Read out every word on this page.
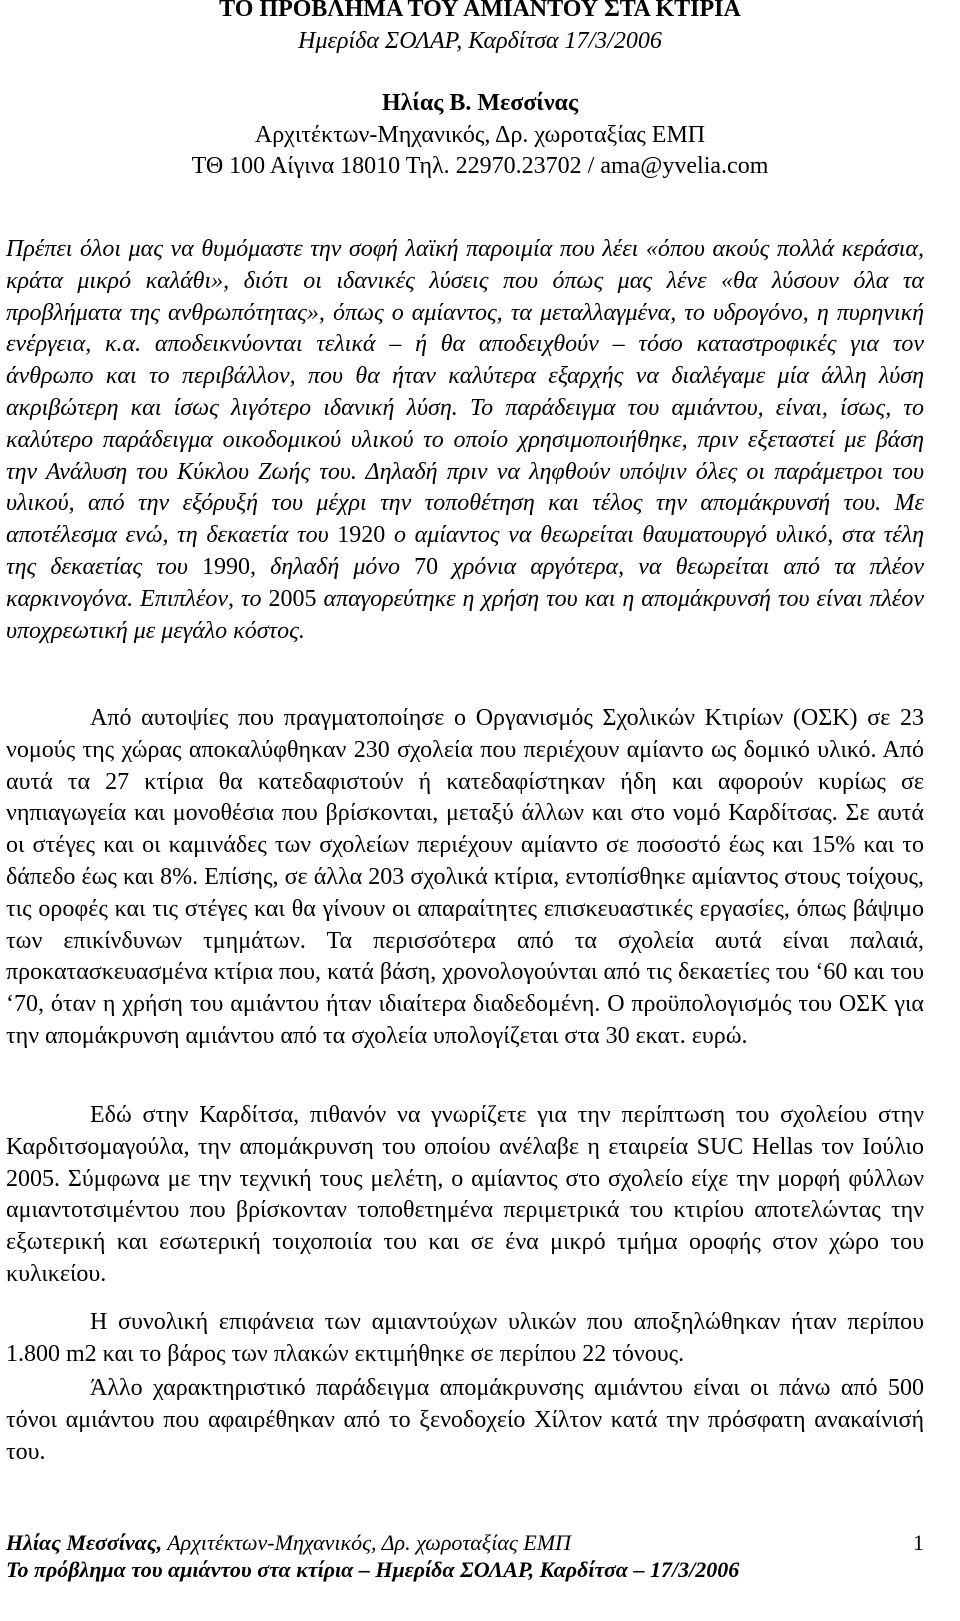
ΤΟ ΠΡΟΒΛΗΜΑ ΤΟΥ ΑΜΙΑΝΤΟΥ ΣΤΑ ΚΤΙΡΙΑ
Ημερίδα ΣΟΛΑΡ, Καρδίτσα 17/3/2006
Ηλίας Β. Μεσσίνας
Αρχιτέκτων-Μηχανικός, Δρ. χωροταξίας ΕΜΠ
ΤΘ 100 Αίγινα 18010 Τηλ. 22970.23702 / ama@yvelia.com
Πρέπει όλοι μας να θυμόμαστε την σοφή λαϊκή παροιμία που λέει «όπου ακούς πολλά κεράσια, κράτα μικρό καλάθι», διότι οι ιδανικές λύσεις που όπως μας λένε «θα λύσουν όλα τα προβλήματα της ανθρωπότητας», όπως ο αμίαντος, τα μεταλλαγμένα, το υδρογόνο, η πυρηνική ενέργεια, κ.α. αποδεικνύονται τελικά – ή θα αποδειχθούν – τόσο καταστροφικές για τον άνθρωπο και το περιβάλλον, που θα ήταν καλύτερα εξαρχής να διαλέγαμε μία άλλη λύση ακριβώτερη και ίσως λιγότερο ιδανική λύση. Το παράδειγμα του αμιάντου, είναι, ίσως, το καλύτερο παράδειγμα οικοδομικού υλικού το οποίο χρησιμοποιήθηκε, πριν εξεταστεί με βάση την Ανάλυση του Κύκλου Ζωής του. Δηλαδή πριν να ληφθούν υπόψιν όλες οι παράμετροι του υλικού, από την εξόρυξή του μέχρι την τοποθέτηση και τέλος την απομάκρυνσή του. Με αποτέλεσμα ενώ, τη δεκαετία του 1920 ο αμίαντος να θεωρείται θαυματουργό υλικό, στα τέλη της δεκαετίας του 1990, δηλαδή μόνο 70 χρόνια αργότερα, να θεωρείται από τα πλέον καρκινογόνα. Επιπλέον, το 2005 απαγορεύτηκε η χρήση του και η απομάκρυνσή του είναι πλέον υποχρεωτική με μεγάλο κόστος.
Από αυτοψίες που πραγματοποίησε ο Οργανισμός Σχολικών Κτιρίων (ΟΣΚ) σε 23 νομούς της χώρας αποκαλύφθηκαν 230 σχολεία που περιέχουν αμίαντο ως δομικό υλικό. Από αυτά τα 27 κτίρια θα κατεδαφιστούν ή κατεδαφίστηκαν ήδη και αφορούν κυρίως σε νηπιαγωγεία και μονοθέσια που βρίσκονται, μεταξύ άλλων και στο νομό Καρδίτσας. Σε αυτά οι στέγες και οι καμινάδες των σχολείων περιέχουν αμίαντο σε ποσοστό έως και 15% και το δάπεδο έως και 8%. Επίσης, σε άλλα 203 σχολικά κτίρια, εντοπίσθηκε αμίαντος στους τοίχους, τις οροφές και τις στέγες και θα γίνουν οι απαραίτητες επισκευαστικές εργασίες, όπως βάψιμο των επικίνδυνων τμημάτων. Τα περισσότερα από τα σχολεία αυτά είναι παλαιά, προκατασκευασμένα κτίρια που, κατά βάση, χρονολογούνται από τις δεκαετίες του ‘60 και του ‘70, όταν η χρήση του αμιάντου ήταν ιδιαίτερα διαδεδομένη. Ο προϋπολογισμός του ΟΣΚ για την απομάκρυνση αμιάντου από τα σχολεία υπολογίζεται στα 30 εκατ. ευρώ.
Εδώ στην Καρδίτσα, πιθανόν να γνωρίζετε για την περίπτωση του σχολείου στην Καρδιτσομαγούλα, την απομάκρυνση του οποίου ανέλαβε η εταιρεία SUC Hellas τον Ιούλιο 2005. Σύμφωνα με την τεχνική τους μελέτη, ο αμίαντος στο σχολείο είχε την μορφή φύλλων αμιαντοτσιμέντου που βρίσκονταν τοποθετημένα περιμετρικά του κτιρίου αποτελώντας την εξωτερική και εσωτερική τοιχοποιία του και σε ένα μικρό τμήμα οροφής στον χώρο του κυλικείου.
Η συνολική επιφάνεια των αμιαντούχων υλικών που αποξηλώθηκαν ήταν περίπου 1.800 m2 και το βάρος των πλακών εκτιμήθηκε σε περίπου 22 τόνους.
Άλλο χαρακτηριστικό παράδειγμα απομάκρυνσης αμιάντου είναι οι πάνω από 500 τόνοι αμιάντου που αφαιρέθηκαν από το ξενοδοχείο Χίλτον κατά την πρόσφατη ανακαίνισή του.
Ηλίας Μεσσίνας, Αρχιτέκτων-Μηχανικός, Δρ. χωροταξίας ΕΜΠ	1
Το πρόβλημα του αμιάντου στα κτίρια – Ημερίδα ΣΟΛΑΡ, Καρδίτσα – 17/3/2006
